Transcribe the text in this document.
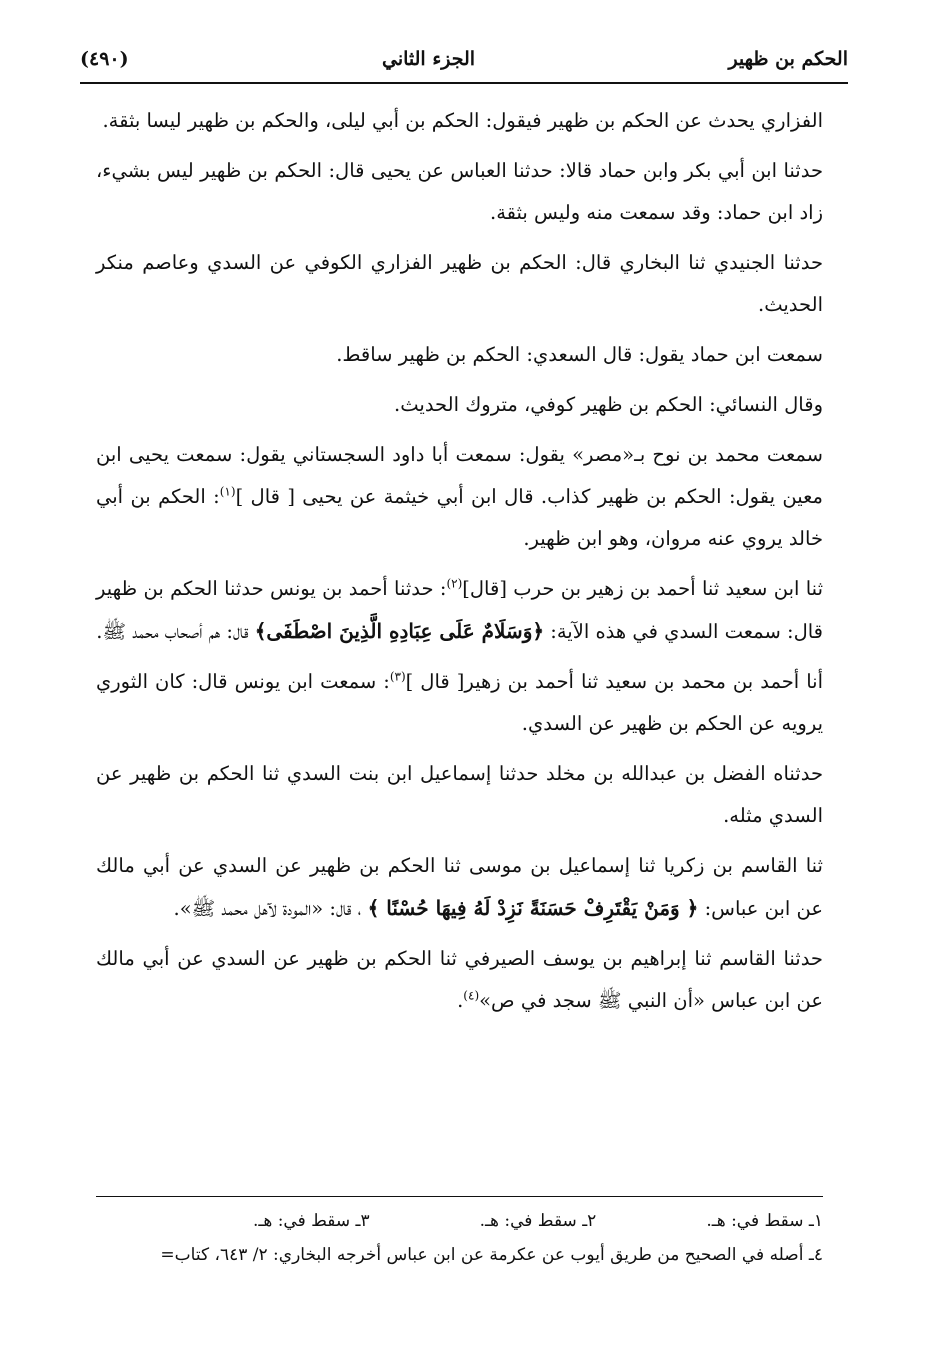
الحكم بن ظهير
الجزء الثاني
(٤٩٠)

الفزاري يحدث عن الحكم بن ظهير فيقول: الحكم بن أبي ليلى، والحكم بن ظهير ليسا بثقة.

حدثنا ابن أبي بكر وابن حماد قالا: حدثنا العباس عن يحيى قال: الحكم بن ظهير ليس بشيء، زاد ابن حماد: وقد سمعت منه وليس بثقة.

حدثنا الجنيدي ثنا البخاري قال: الحكم بن ظهير الفزاري الكوفي عن السدي وعاصم منكر الحديث.

سمعت ابن حماد يقول: قال السعدي: الحكم بن ظهير ساقط.

وقال النسائي: الحكم بن ظهير كوفي، متروك الحديث.

سمعت محمد بن نوح بـ«مصر» يقول: سمعت أبا داود السجستاني يقول: سمعت يحيى ابن معين يقول: الحكم بن ظهير كذاب. قال ابن أبي خيثمة عن يحيى [ قال ]$^{(١)}$: الحكم بن أبي خالد يروي عنه مروان، وهو ابن ظهير.

ثنا ابن سعيد ثنا أحمد بن زهير بن حرب [قال]$^{(٢)}$: حدثنا أحمد بن يونس حدثنا الحكم بن ظهير قال: سمعت السدي في هذه الآية: ﴿وَسَلَامٌ عَلَى عِبَادِهِ الَّذِينَ اصْطَفَى﴾ قال: هم أصحاب محمد ﷺ.

أنا أحمد بن محمد بن سعيد ثنا أحمد بن زهير[ قال ]$^{(٣)}$: سمعت ابن يونس قال: كان الثوري يرويه عن الحكم بن ظهير عن السدي.

حدثناه الفضل بن عبدالله بن مخلد حدثنا إسماعيل ابن بنت السدي ثنا الحكم بن ظهير عن السدي مثله.

ثنا القاسم بن زكريا ثنا إسماعيل بن موسى ثنا الحكم بن ظهير عن السدي عن أبي مالك عن ابن عباس: ﴿ وَمَنْ يَقْتَرِفْ حَسَنَةً نَزِدْ لَهُ فِيهَا حُسْنًا ﴾ ، قال: «المودة لآهل محمد ﷺ».

حدثنا القاسم ثنا إبراهيم بن يوسف الصيرفي ثنا الحكم بن ظهير عن السدي عن أبي مالك عن ابن عباس «أن النبي ﷺ سجد في ص»$^{(٤)}$.

١ـ سقط في: هـ.
٢ـ سقط في: هـ.
٣ـ سقط في: هـ.
٤ـ أصله في الصحيح من طريق أيوب عن عكرمة عن ابن عباس أخرجه البخاري: ٢/ ٦٤٣، كتاب=
